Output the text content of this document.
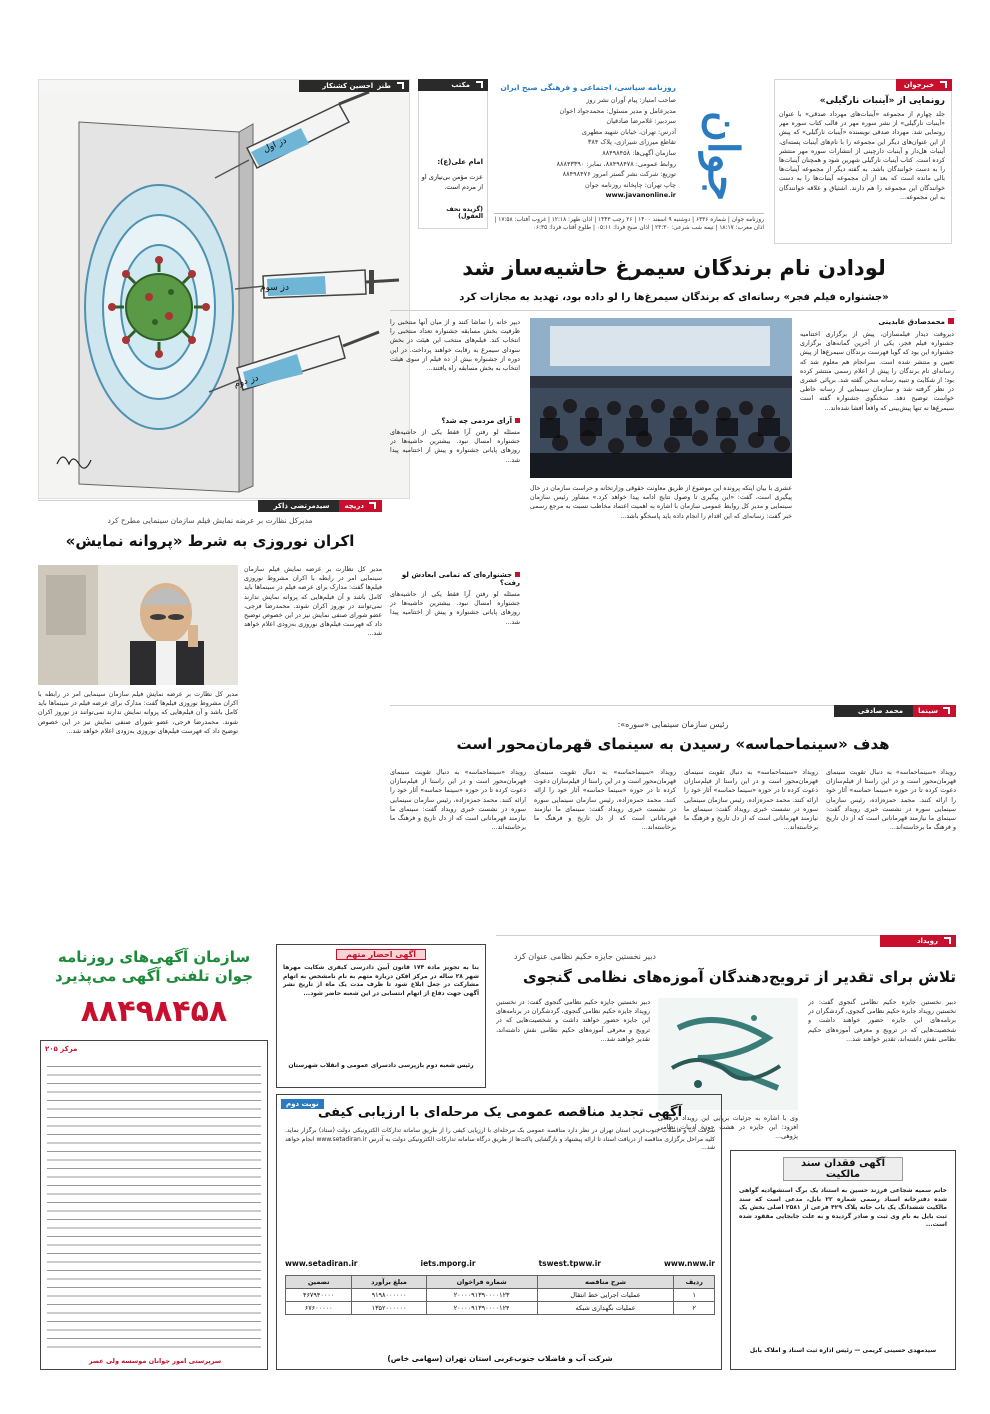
جوان
روزنامه سیاسی، اجتماعی و فرهنگی صبح ایران
صاحب امتیاز: پیام آوران نشر روز
مدیرعامل و مدیر مسئول: محمدجواد اخوان
سردبیر: غلامرضا صادقیان
آدرس: تهران، خیابان شهید مطهری
تقاطع میرزای شیرازی، پلاک ۳۸۴
سازمان آگهی‌ها: ۸۸۴۹۸۴۵۸
روابط عمومی: ۸۸۴۹۸۴۷۸، نمابر: ۸۸۸۴۳۳۹۰
توزیع: شرکت نشر گستر امروز ۸۸۴۹۸۴۷۶
چاپ تهران: چاپخانه روزنامه جوان
www.javanonline.ir
روزنامه جوان | شماره ۶۳۳۶ | دوشنبه ۹ اسفند ۱۴۰۰ | ۲۶ رجب ۱۴۴۳ | اذان ظهر: ۱۲:۱۸ | غروب آفتاب: ۱۷:۵۸ | اذان مغرب: ۱۸:۱۷ | نیمه شب شرعی: ۲۳:۳۰ | اذان صبح فردا: ۰۵:۱۱ | طلوع آفتاب فردا: ۰۶:۳۵
خبرجوان
رونمایی از «آینبات نارگیلی»
جلد چهارم از مجموعه «آینبات‌های مهرداد صدقی» با عنوان «آینبات نارگیلی» از نشر سوره مهر در قالب کتاب سوره مهر رونمایی شد. مهرداد صدقی نویسنده «آینبات نارگیلی» که پیش از این عنوان‌های دیگر این مجموعه را با نام‌های آینبات پسته‌ای، آینبات هل‌دار و آینبات دارچینی از انتشارات سوره مهر منتشر کرده است. کتاب آینبات نارگیلی شهرین شود و همچنان آینبات‌ها را به دست خوانندگان باشد. به گفته دیگر از مجموعه آینبات‌ها بالی مانده است که بعد از آن مجموعه آینبات‌ها را به دست خوانندگان این مجموعه را هم دارند. اشتیاق و علاقه خوانندگان به این مجموعه...
مکتب
امام علی(ع):
عزت مؤمن بی‌نیازی او از مردم است.
(گزیده نحف العقول)
طنز
احسین کشنکار
دز اول
دز سوم
دز دوم
لودادن نام برندگان سیمرغ حاشیه‌ساز شد
«جشنواره فیلم فجر» رسانه‌ای که برندگان سیمرغ‌ها را لو داده بود، تهدید به مجازات کرد
محمدصادق عابدینی
دیروقت دیدار فیلمسازان، پیش از برگزاری اختتامیه جشنواره فیلم فجر، یکی از آخرین گمانه‌های برگزاری جشنواره این بود که گویا فهرست برندگان سیمرغ‌ها از پیش تعیین و منتشر شده است. سرانجام هم معلوم شد که رسانه‌ای نام برندگان را پیش از اعلام رسمی منتشر کرده بود؛ از شکایت و تنبیه رسانه سخن گفته شد. برپائی عشری در نظر گرفته شد و سازمان سینمایی از رسانه خاطی خواست توضیح دهد. سخنگوی جشنواره گفته است سیمرغ‌ها نه تنها پیش‌بینی که واقعاً افشا شده‌اند...
عشری با بیان اینکه پرونده این موضوع از طریق معاونت حقوقی وزارتخانه و حراست سازمان در حال پیگیری است، گفت: «این پیگیری تا وصول نتایج ادامه پیدا خواهد کرد.» مشاور رئیس سازمان سینمایی و مدیر کل روابط عمومی سازمان با اشاره به اهمیت اعتماد مخاطب نسبت به مرجع رسمی خبر گفت: رسانه‌ای که این اقدام را انجام داده باید پاسخگو باشد...
دیپر خانه را تماشا کنند و از میان آنها منتخبی را ظرفیت بخش مسابقه جشنواره تعداد منتخبی را انتخاب کند. فیلم‌های منتخب این هیئت در بخش سودای سیمرغ به رقابت خواهند پرداخت. در این دوره از جشنواره بیش از ده فیلم از سوی هیئت انتخاب به بخش مسابقه راه یافتند...
آرای مردمی چه شد؟
مسئله لو رفتن آرا فقط یکی از حاشیه‌های جشنواره امسال نبود. بیشترین حاشیه‌ها در روزهای پایانی جشنواره و پیش از اختتامیه پیدا شد...
جشنواره‌ای که تمامی ابعادش لو رفت؟
مسئله لو رفتن آرا فقط یکی از حاشیه‌های جشنواره امسال نبود. بیشترین حاشیه‌ها در روزهای پایانی جشنواره و پیش از اختتامیه پیدا شد...
سینما
محمد صادقی
رئیس سازمان سینمایی «سوره»:
هدف «سینماحماسه» رسیدن به سینمای قهرمان‌محور است
رویداد «سینماحماسه» به دنبال تقویت سینمای قهرمان‌محور است و در این راستا از فیلم‌سازان دعوت کرده تا در حوزه «سینما حماسه» آثار خود را ارائه کنند. محمد حمزه‌زاده، رئیس سازمان سینمایی سوره در نشست خبری رویداد گفت: سینمای ما نیازمند قهرمانانی است که از دل تاریخ و فرهنگ ما برخاسته‌اند...
رویداد «سینماحماسه» به دنبال تقویت سینمای قهرمان‌محور است و در این راستا از فیلم‌سازان دعوت کرده تا در حوزه «سینما حماسه» آثار خود را ارائه کنند. محمد حمزه‌زاده، رئیس سازمان سینمایی سوره در نشست خبری رویداد گفت: سینمای ما نیازمند قهرمانانی است که از دل تاریخ و فرهنگ ما برخاسته‌اند...
رویداد «سینماحماسه» به دنبال تقویت سینمای قهرمان‌محور است و در این راستا از فیلم‌سازان دعوت کرده تا در حوزه «سینما حماسه» آثار خود را ارائه کنند. محمد حمزه‌زاده، رئیس سازمان سینمایی سوره در نشست خبری رویداد گفت: سینمای ما نیازمند قهرمانانی است که از دل تاریخ و فرهنگ ما برخاسته‌اند...
رویداد «سینماحماسه» به دنبال تقویت سینمای قهرمان‌محور است و در این راستا از فیلم‌سازان دعوت کرده تا در حوزه «سینما حماسه» آثار خود را ارائه کنند. محمد حمزه‌زاده، رئیس سازمان سینمایی سوره در نشست خبری رویداد گفت: سینمای ما نیازمند قهرمانانی است که از دل تاریخ و فرهنگ ما برخاسته‌اند...
دریچه
سیدمرتضی ذاکر
مدیرکل نظارت بر عرضه نمایش فیلم سازمان سینمایی مطرح کرد
اکران نوروزی به شرط «پروانه نمایش»
مدیر کل نظارت بر عرضه نمایش فیلم سازمان سینمایی امر در رابطه با اکران مشروط نوروزی فیلم‌ها گفت: مدارک برای عرضه فیلم در سینماها باید کامل باشد و آن فیلم‌هایی که پروانه نمایش ندارند نمی‌توانند در نوروز اکران شوند. محمدرضا فرجی، عضو شورای صنفی نمایش نیز در این خصوص توضیح داد که فهرست فیلم‌های نوروزی به‌زودی اعلام خواهد شد...
مدیر کل نظارت بر عرضه نمایش فیلم سازمان سینمایی امر در رابطه با اکران مشروط نوروزی فیلم‌ها گفت: مدارک برای عرضه فیلم در سینماها باید کامل باشد و آن فیلم‌هایی که پروانه نمایش ندارند نمی‌توانند در نوروز اکران شوند. محمدرضا فرجی، عضو شورای صنفی نمایش نیز در این خصوص توضیح داد که فهرست فیلم‌های نوروزی به‌زودی اعلام خواهد شد...
رویداد
دبیر نخستین جایزه حکیم نظامی عنوان کرد
تلاش برای تقدیر از ترویج‌دهندگان آموزه‌های نظامی گنجوی
دبیر نخستین جایزه حکیم نظامی گنجوی گفت: در نخستین رویداد جایزه حکیم نظامی گنجوی، گردشگران در برنامه‌های این جایزه حضور خواهند داشت و شخصیت‌هایی که در ترویج و معرفی آموزه‌های حکیم نظامی نقش داشته‌اند، تقدیر خواهند شد...
وی با اشاره به جزئیات برپایی این رویداد فرهنگی افزود: این جایزه در هشت حوزه ادبیات نظامی پژوهی...
دبیر نخستین جایزه حکیم نظامی گنجوی گفت: در نخستین رویداد جایزه حکیم نظامی گنجوی، گردشگران در برنامه‌های این جایزه حضور خواهند داشت و شخصیت‌هایی که در ترویج و معرفی آموزه‌های حکیم نظامی نقش داشته‌اند، تقدیر خواهند شد...
سازمان آگهی‌های روزنامه جوان تلفنی آگهی می‌پذیرد
۸۸۴۹۸۴۵۸
آگهی احضار متهم
بنا به تجویز ماده ۱۷۴ قانون آیین دادرسی کیفری شکایت مهرها شهر ۲۸ ساله در مرکز افکن درباره متهم به نام نامشخص به اتهام مشارکت در جعل ابلاغ شود تا ظرف مدت یک ماه از تاریخ نشر آگهی جهت دفاع از اتهام انتسابی در این شعبه حاضر شود...
رئیس شعبه دوم بازپرسی دادسرای عمومی و انقلاب شهرستان
مرکز ۲۰۵
سرپرستی امور جوانان موسسه ولی عصر
نوبت دوم
آگهی تجدید مناقصه عمومی یک مرحله‌ای با ارزیابی کیفی
شرکت آب و فاضلاب جنوب‌غربی استان تهران در نظر دارد مناقصه عمومی یک مرحله‌ای با ارزیابی کیفی را از طریق سامانه تدارکات الکترونیکی دولت (ستاد) برگزار نماید. کلیه مراحل برگزاری مناقصه از دریافت اسناد تا ارائه پیشنهاد و بازگشایی پاکت‌ها از طریق درگاه سامانه تدارکات الکترونیکی دولت به آدرس www.setadiran.ir انجام خواهد شد...
www.setadiran.ir	iets.mporg.ir	tswest.tpww.ir	www.nww.ir
ردیف	شرح مناقصه	شماره فراخوان	مبلغ برآورد	تضمین
۱	عملیات اجرایی خط انتقال	۲۰۰۰۰۹۱۳۹۰۰۰۰۱۲۳	۹۱۹۸۰۰۰۰۰۰	۴۶۷۹۴۰۰۰۰
۲	عملیات نگهداری شبکه	۲۰۰۰۰۹۱۳۹۰۰۰۰۱۲۴	۱۳۵۲۰۰۰۰۰۰	۶۷۶۰۰۰۰۰
شرکت آب و فاضلاب جنوب‌غربی استان تهران (سهامی خاص)
آگهی فقدان سند مالکیت
خانم سمیه شجاعی فرزند حسین به استناد یک برگ استشهادیه گواهی شده دفترخانه اسناد رسمی شماره ۲۲ بابل، مدعی است که سند مالکیت ششدانگ یک باب خانه پلاک ۴۲۹ فرعی از ۲۵۸۱ اصلی بخش یک ثبت بابل به نام وی ثبت و صادر گردیده و به علت جابجایی مفقود شده است...
سیدمهدی حسینی کریمی — رئیس اداره ثبت اسناد و املاک بابل
